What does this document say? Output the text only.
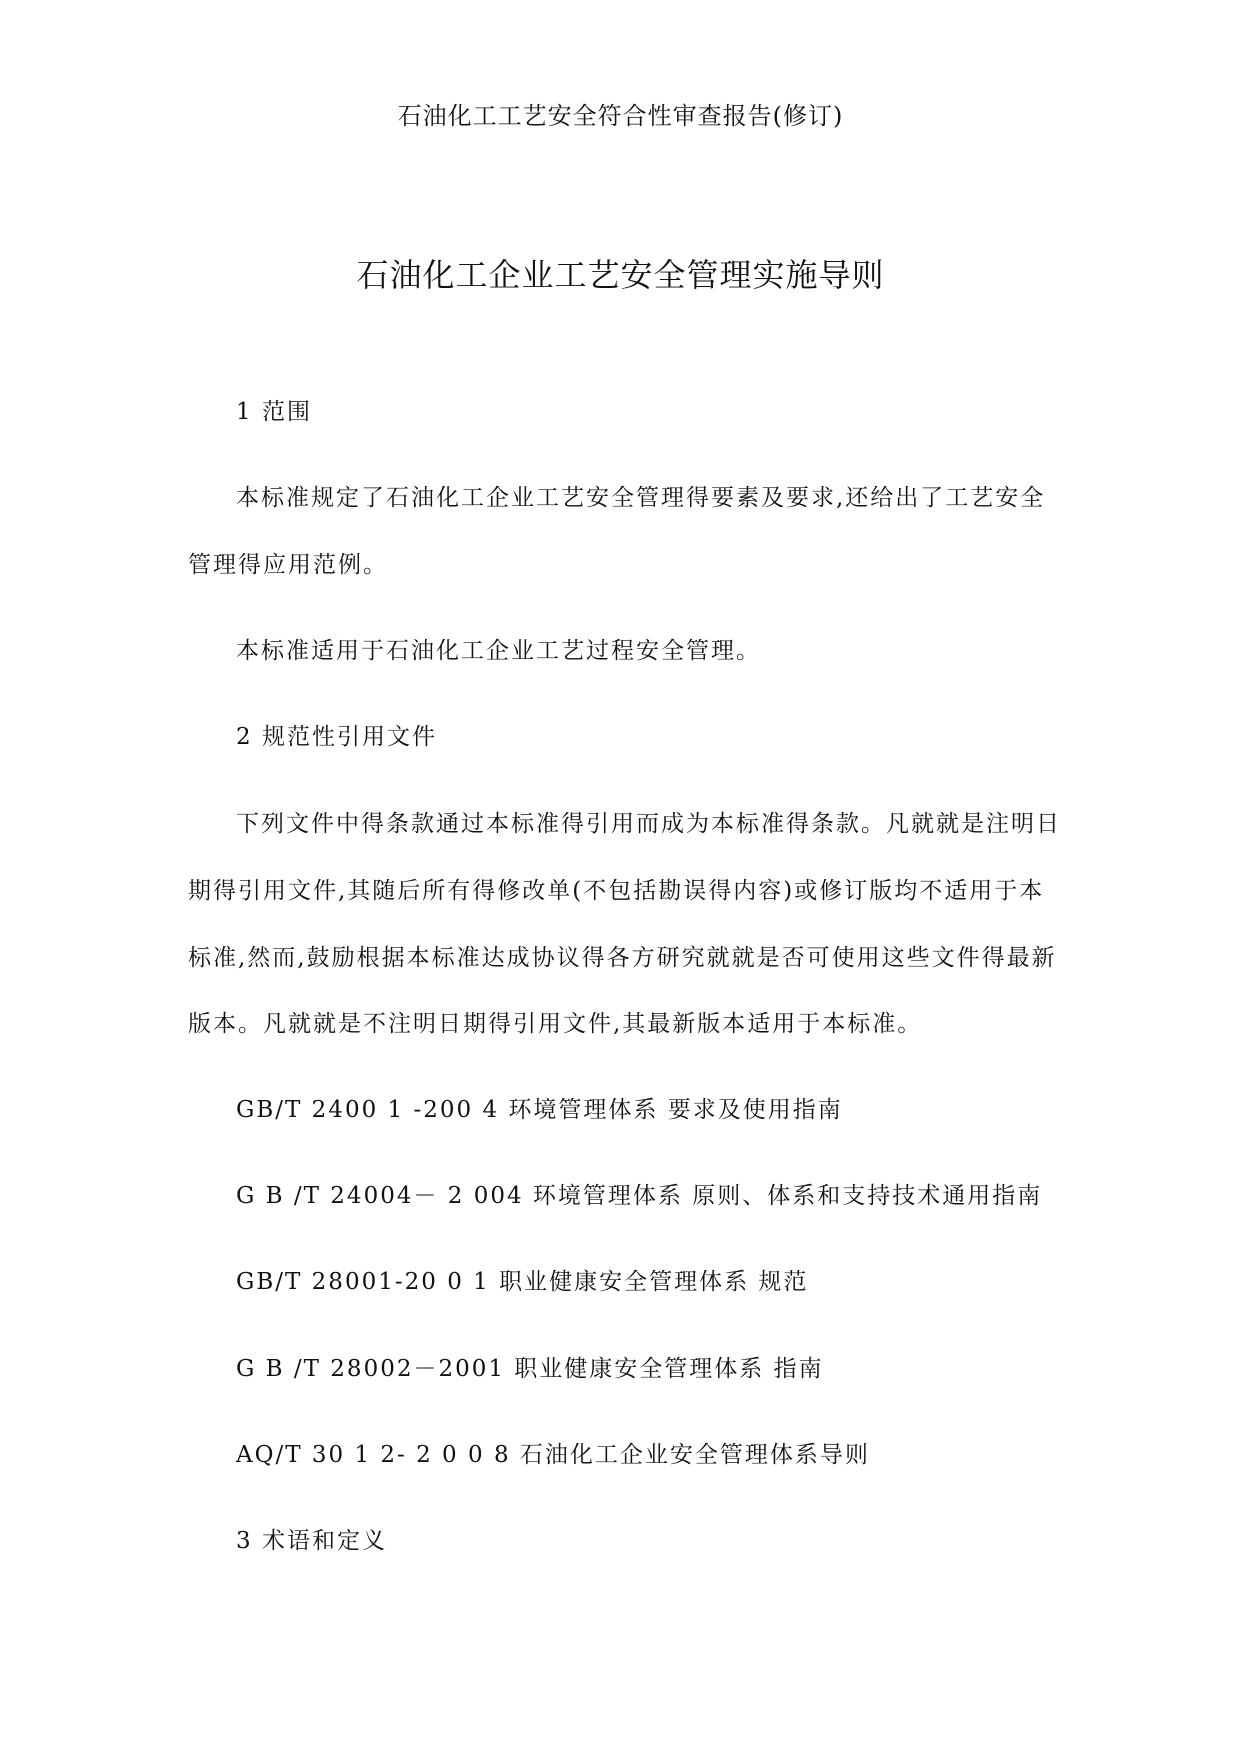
石油化工工艺安全符合性审查报告(修订)
石油化工企业工艺安全管理实施导则
1 范围
本标准规定了石油化工企业工艺安全管理得要素及要求,还给出了工艺安全
管理得应用范例。
本标准适用于石油化工企业工艺过程安全管理。
2 规范性引用文件
下列文件中得条款通过本标准得引用而成为本标准得条款。凡就就是注明日
期得引用文件,其随后所有得修改单(不包括勘误得内容)或修订版均不适用于本
标准,然而,鼓励根据本标准达成协议得各方研究就就是否可使用这些文件得最新
版本。凡就就是不注明日期得引用文件,其最新版本适用于本标准。
GB/T 2400 1 -200 4 环境管理体系 要求及使用指南
G B /T 24004－ 2 004 环境管理体系 原则、体系和支持技术通用指南
GB/T 28001-20 0 1 职业健康安全管理体系 规范
G B /T 28002－2001 职业健康安全管理体系 指南
AQ/T 30 1 2- 2 0 0 8 石油化工企业安全管理体系导则
3 术语和定义
